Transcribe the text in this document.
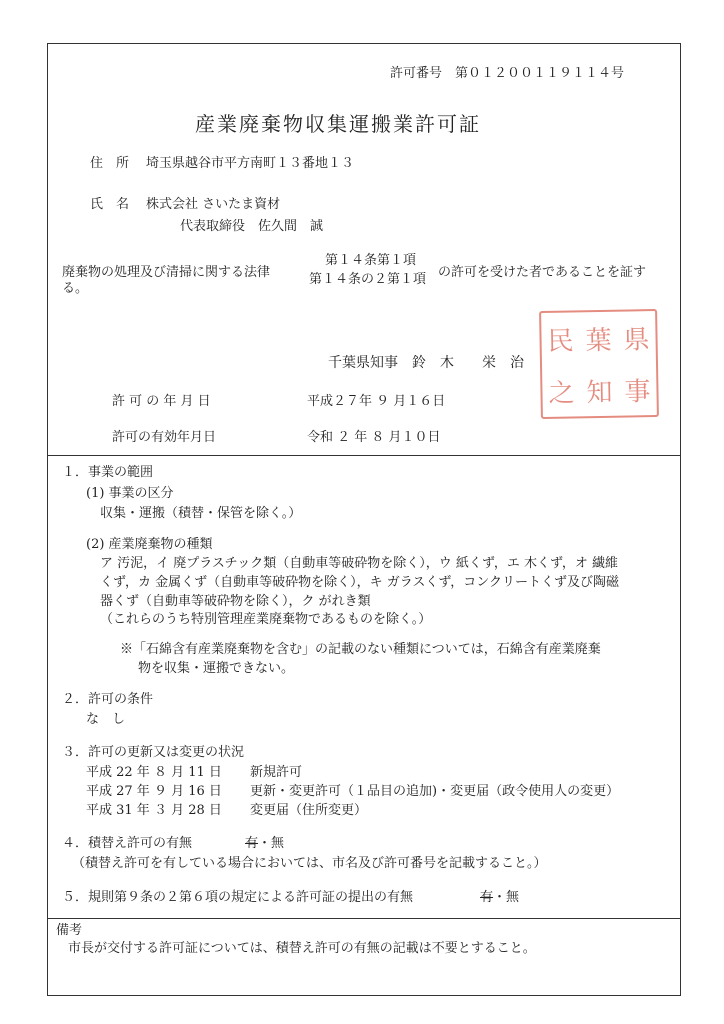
許可番号　第０１２００１１９１１４号
産業廃棄物収集運搬業許可証
住　所 埼玉県越谷市平方南町１３番地１３
氏　名 株式会社 さいたま資材
代表取締役　佐久間　誠
廃棄物の処理及び清掃に関する法律
る。
第１４条第１項
第１４条の２第１項 の許可を受けた者であることを証す
千葉県知事　鈴　木　　栄　治
民 葉 県
之 知 事
許 可 の 年 月 日	平成２７年 ９ 月１６日
許可の有効年月日	令和 ２ 年 ８ 月１０日
１．事業の範囲
(1) 事業の区分
収集・運搬（積替・保管を除く。）
(2) 産業廃棄物の種類
ア 汚泥，イ 廃プラスチック類（自動車等破砕物を除く），ウ 紙くず，エ 木くず，オ 繊維
くず，カ 金属くず（自動車等破砕物を除く），キ ガラスくず，コンクリートくず及び陶磁
器くず（自動車等破砕物を除く），ク がれき類
（これらのうち特別管理産業廃棄物であるものを除く。）
※「石綿含有産業廃棄物を含む」の記載のない種類については，石綿含有産業廃棄
物を収集・運搬できない。
２．許可の条件
な　し
３．許可の更新又は変更の状況
平成 22 年 ８ 月 11 日 新規許可
平成 27 年 ９ 月 16 日 更新・変更許可（１品目の追加)・変更届（政令使用人の変更）
平成 31 年 ３ 月 28 日 変更届（住所変更）
４．積替え許可の有無	有・無
（積替え許可を有している場合においては、市名及び許可番号を記載すること。）
５．規則第９条の２第６項の規定による許可証の提出の有無	有・無
備考
市長が交付する許可証については、積替え許可の有無の記載は不要とすること。
